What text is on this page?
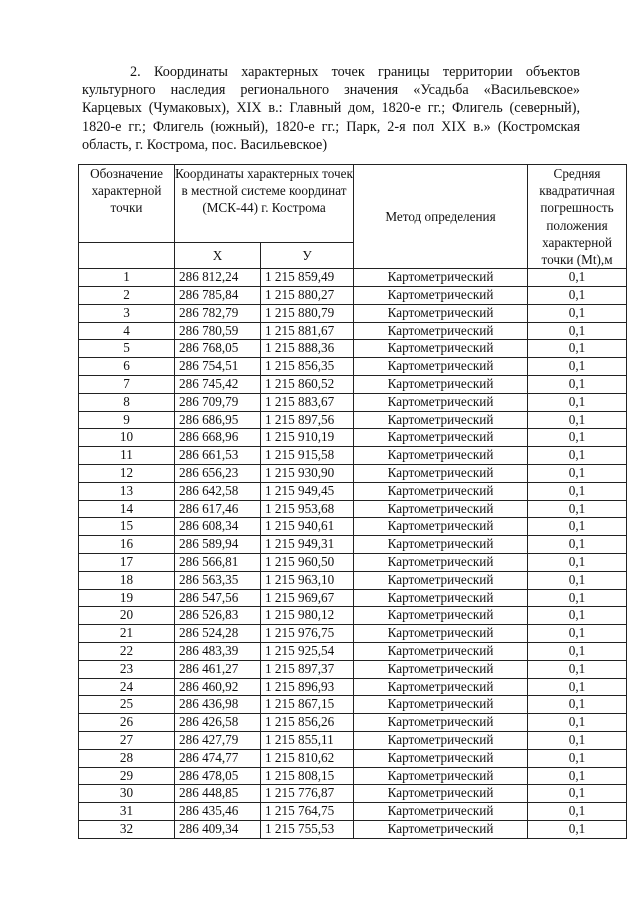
2. Координаты характерных точек границы территории объектов культурного наследия регионального значения «Усадьба «Васильевское» Карцевых (Чумаковых), XIX в.: Главный дом, 1820-е гг.; Флигель (северный), 1820-е гг.; Флигель (южный), 1820-е гг.; Парк, 2-я пол XIX в.» (Костромская область, г. Кострома, пос. Васильевское)
Обозначение характерной точки	Координаты характерных точек в местной системе координат (МСК-44) г. Кострома		Метод определения	Средняя квадратичная погрешность положения характерной точки (Mt),м

	Х	У		
1	286 812,24	1 215 859,49	Картометрический	0,1
2	286 785,84	1 215 880,27	Картометрический	0,1
3	286 782,79	1 215 880,79	Картометрический	0,1
4	286 780,59	1 215 881,67	Картометрический	0,1
5	286 768,05	1 215 888,36	Картометрический	0,1
6	286 754,51	1 215 856,35	Картометрический	0,1
7	286 745,42	1 215 860,52	Картометрический	0,1
8	286 709,79	1 215 883,67	Картометрический	0,1
9	286 686,95	1 215 897,56	Картометрический	0,1
10	286 668,96	1 215 910,19	Картометрический	0,1
11	286 661,53	1 215 915,58	Картометрический	0,1
12	286 656,23	1 215 930,90	Картометрический	0,1
13	286 642,58	1 215 949,45	Картометрический	0,1
14	286 617,46	1 215 953,68	Картометрический	0,1
15	286 608,34	1 215 940,61	Картометрический	0,1
16	286 589,94	1 215 949,31	Картометрический	0,1
17	286 566,81	1 215 960,50	Картометрический	0,1
18	286 563,35	1 215 963,10	Картометрический	0,1
19	286 547,56	1 215 969,67	Картометрический	0,1
20	286 526,83	1 215 980,12	Картометрический	0,1
21	286 524,28	1 215 976,75	Картометрический	0,1
22	286 483,39	1 215 925,54	Картометрический	0,1
23	286 461,27	1 215 897,37	Картометрический	0,1
24	286 460,92	1 215 896,93	Картометрический	0,1
25	286 436,98	1 215 867,15	Картометрический	0,1
26	286 426,58	1 215 856,26	Картометрический	0,1
27	286 427,79	1 215 855,11	Картометрический	0,1
28	286 474,77	1 215 810,62	Картометрический	0,1
29	286 478,05	1 215 808,15	Картометрический	0,1
30	286 448,85	1 215 776,87	Картометрический	0,1
31	286 435,46	1 215 764,75	Картометрический	0,1
32	286 409,34	1 215 755,53	Картометрический	0,1
